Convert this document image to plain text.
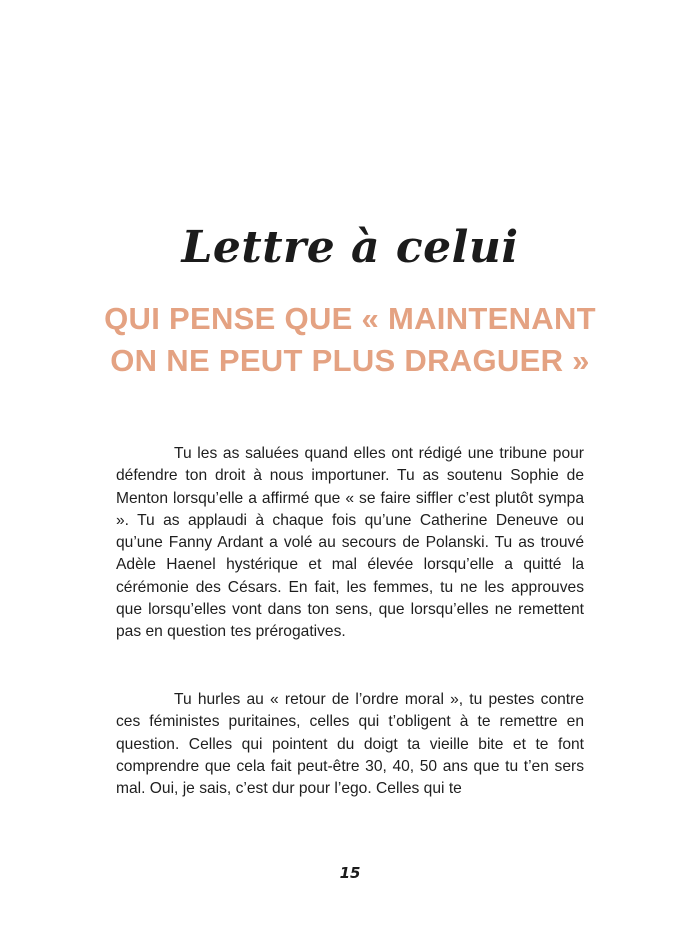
Lettre à celui
QUI PENSE QUE « MAINTENANT
ON NE PEUT PLUS DRAGUER »

Tu les as saluées quand elles ont rédigé une tribune pour défendre ton droit à nous importuner. Tu as soutenu Sophie de Menton lorsqu’elle a affirmé que « se faire siffler c’est plutôt sympa ». Tu as applaudi à chaque fois qu’une Catherine Deneuve ou qu’une Fanny Ardant a volé au secours de Polanski. Tu as trouvé Adèle Haenel hystérique et mal élevée lorsqu’elle a quitté la cérémonie des Césars. En fait, les femmes, tu ne les approuves que lorsqu’elles vont dans ton sens, que lorsqu’elles ne remettent pas en question tes prérogatives.

Tu hurles au « retour de l’ordre moral », tu pestes contre ces féministes puritaines, celles qui t’obligent à te remettre en question. Celles qui pointent du doigt ta vieille bite et te font comprendre que cela fait peut-être 30, 40, 50 ans que tu t’en sers mal. Oui, je sais, c’est dur pour l’ego. Celles qui te

15
